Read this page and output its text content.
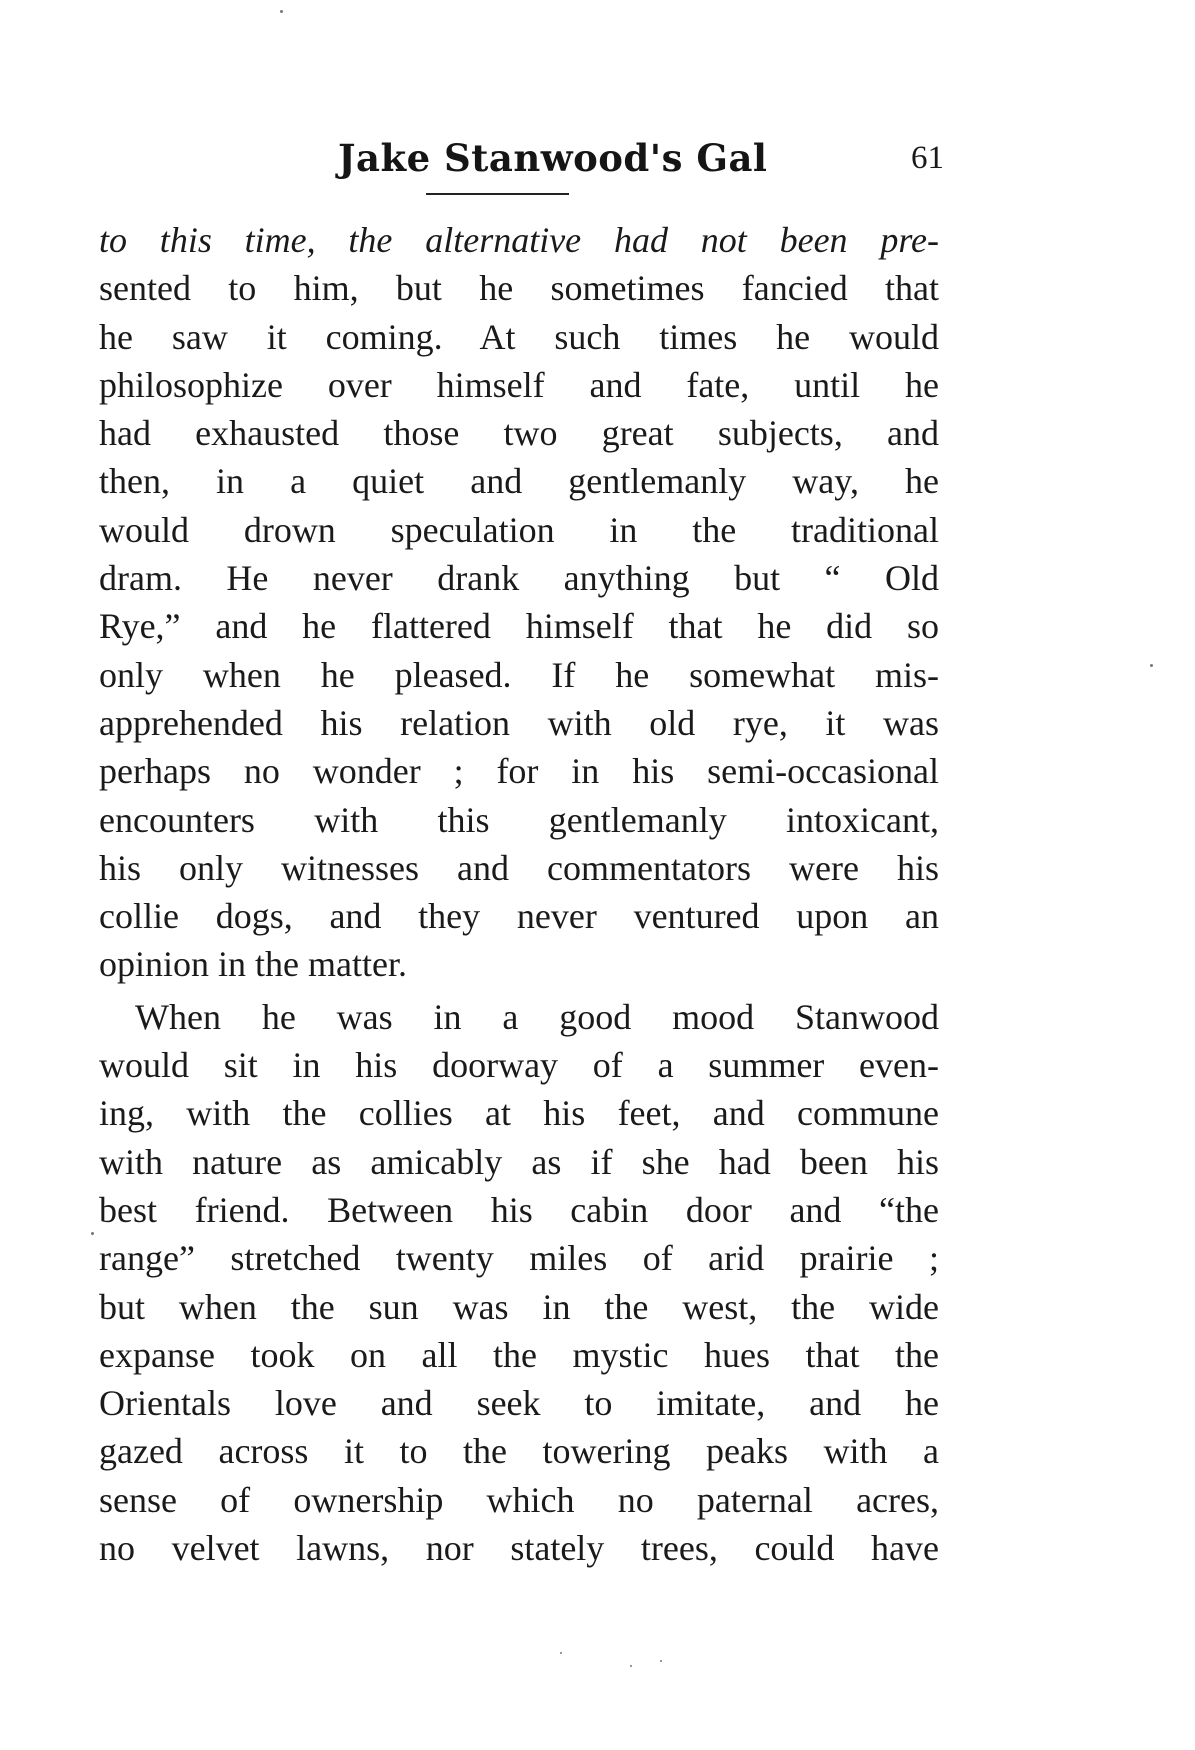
Jake Stanwood's Gal	61
to this time, the alternative had not been pre-
sented to him, but he sometimes fancied that
he saw it coming. At such times he would
philosophize over himself and fate, until he
had exhausted those two great subjects, and
then, in a quiet and gentlemanly way, he
would drown speculation in the traditional
dram. He never drank anything but “ Old
Rye,” and he flattered himself that he did so
only when he pleased. If he somewhat mis-
apprehended his relation with old rye, it was
perhaps no wonder ; for in his semi-occasional
encounters with this gentlemanly intoxicant,
his only witnesses and commentators were his
collie dogs, and they never ventured upon an
opinion in the matter.
When he was in a good mood Stanwood
would sit in his doorway of a summer even-
ing, with the collies at his feet, and commune
with nature as amicably as if she had been his
best friend. Between his cabin door and “the
range” stretched twenty miles of arid prairie ;
but when the sun was in the west, the wide
expanse took on all the mystic hues that the
Orientals love and seek to imitate, and he
gazed across it to the towering peaks with a
sense of ownership which no paternal acres,
no velvet lawns, nor stately trees, could have
